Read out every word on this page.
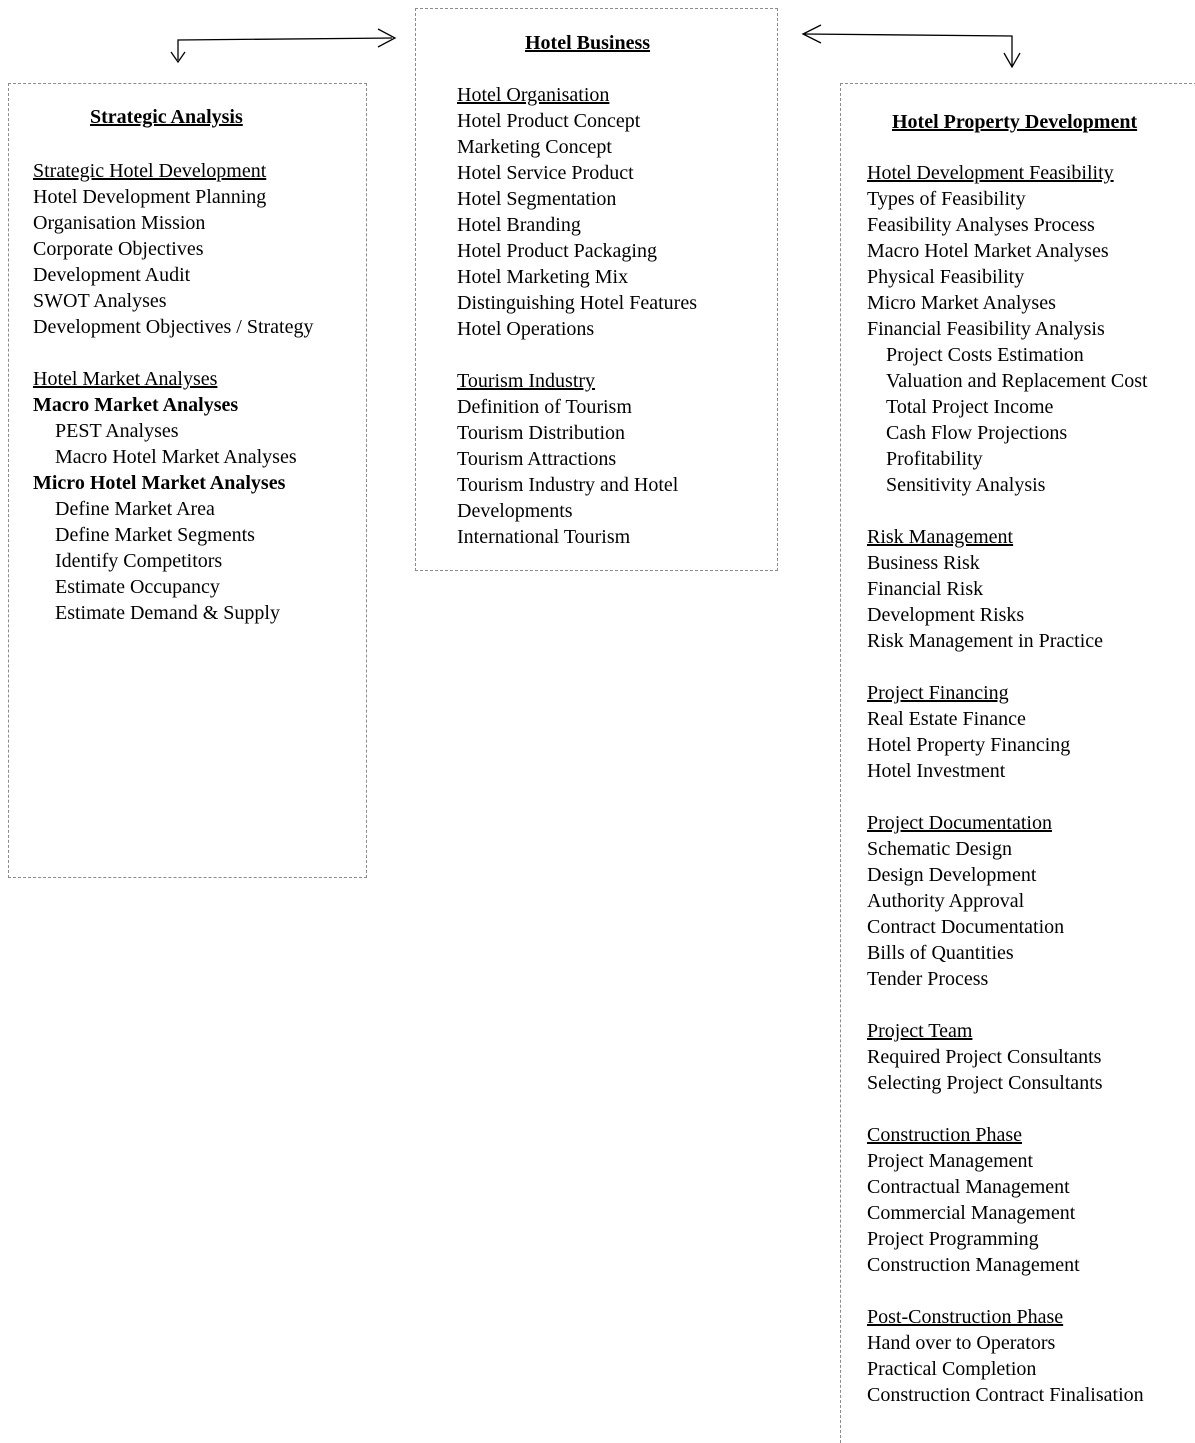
Strategic Analysis
Strategic Hotel Development
Hotel Development Planning
Organisation Mission
Corporate Objectives
Development Audit
SWOT Analyses
Development Objectives / Strategy
Hotel Market Analyses
Macro Market Analyses
PEST Analyses
Macro Hotel Market Analyses
Micro Hotel Market Analyses
Define Market Area
Define Market Segments
Identify Competitors
Estimate Occupancy
Estimate Demand & Supply
Hotel Business
Hotel Organisation
Hotel Product Concept
Marketing Concept
Hotel Service Product
Hotel Segmentation
Hotel Branding
Hotel Product Packaging
Hotel Marketing Mix
Distinguishing Hotel Features
Hotel Operations
Tourism Industry
Definition of Tourism
Tourism Distribution
Tourism Attractions
Tourism Industry and Hotel
Developments
International Tourism
Hotel Property Development
Hotel Development Feasibility
Types of Feasibility
Feasibility Analyses Process
Macro Hotel Market Analyses
Physical Feasibility
Micro Market Analyses
Financial Feasibility Analysis
Project Costs Estimation
Valuation and Replacement Cost
Total Project Income
Cash Flow Projections
Profitability
Sensitivity Analysis
Risk Management
Business Risk
Financial Risk
Development Risks
Risk Management in Practice
Project Financing
Real Estate Finance
Hotel Property Financing
Hotel Investment
Project Documentation
Schematic Design
Design Development
Authority Approval
Contract Documentation
Bills of Quantities
Tender Process
Project Team
Required Project Consultants
Selecting Project Consultants
Construction Phase
Project Management
Contractual Management
Commercial Management
Project Programming
Construction Management
Post-Construction Phase
Hand over to Operators
Practical Completion
Construction Contract Finalisation
